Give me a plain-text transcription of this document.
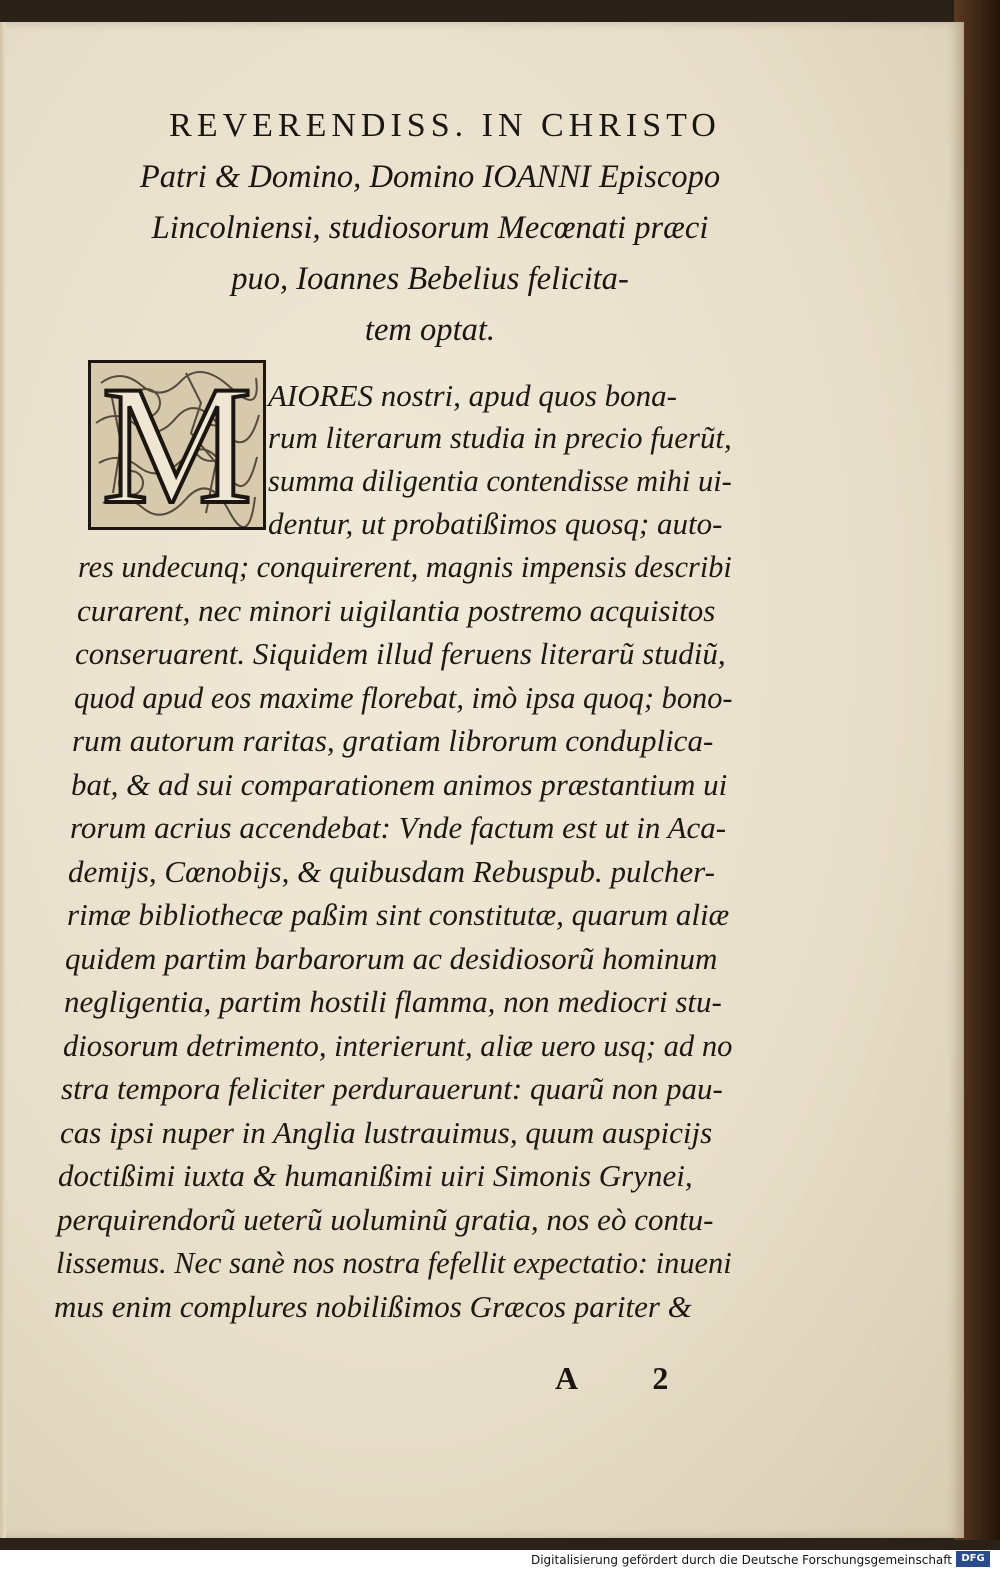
REVERENDISS. IN CHRISTO
Patri & Domino, Domino IOANNI Episcopo
Lincolniensi, studiosorum Mecœnati præci
puo, Ioannes Bebelius felicita-
tem optat.
M AIORES nostri, apud quos bona-
rum literarum studia in precio fuerũt,
summa diligentia contendisse mihi ui-
dentur, ut probatißimos quosq; auto-
res undecunq; conquirerent, magnis impensis describi
curarent, nec minori uigilantia postremo acquisitos
conseruarent. Siquidem illud feruens literarũ studiũ,
quod apud eos maxime florebat, imò ipsa quoq; bono-
rum autorum raritas, gratiam librorum conduplica-
bat, & ad sui comparationem animos præstantium ui
rorum acrius accendebat: Vnde factum est ut in Aca-
demijs, Cœnobijs, & quibusdam Rebuspub. pulcher-
rimæ bibliothecæ paßim sint constitutæ, quarum aliæ
quidem partim barbarorum ac desidiosorũ hominum
negligentia, partim hostili flamma, non mediocri stu-
diosorum detrimento, interierunt, aliæ uero usq; ad no
stra tempora feliciter perdurauerunt: quarũ non pau-
cas ipsi nuper in Anglia lustrauimus, quum auspicijs
doctißimi iuxta & humanißimi uiri Simonis Grynei,
perquirendorũ ueterũ uoluminũ gratia, nos eò contu-
lissemus. Nec sanè nos nostra fefellit expectatio: inueni
mus enim complures nobilißimos Græcos pariter &
A 2
Digitalisierung gefördert durch die Deutsche Forschungsgemeinschaft DFG
